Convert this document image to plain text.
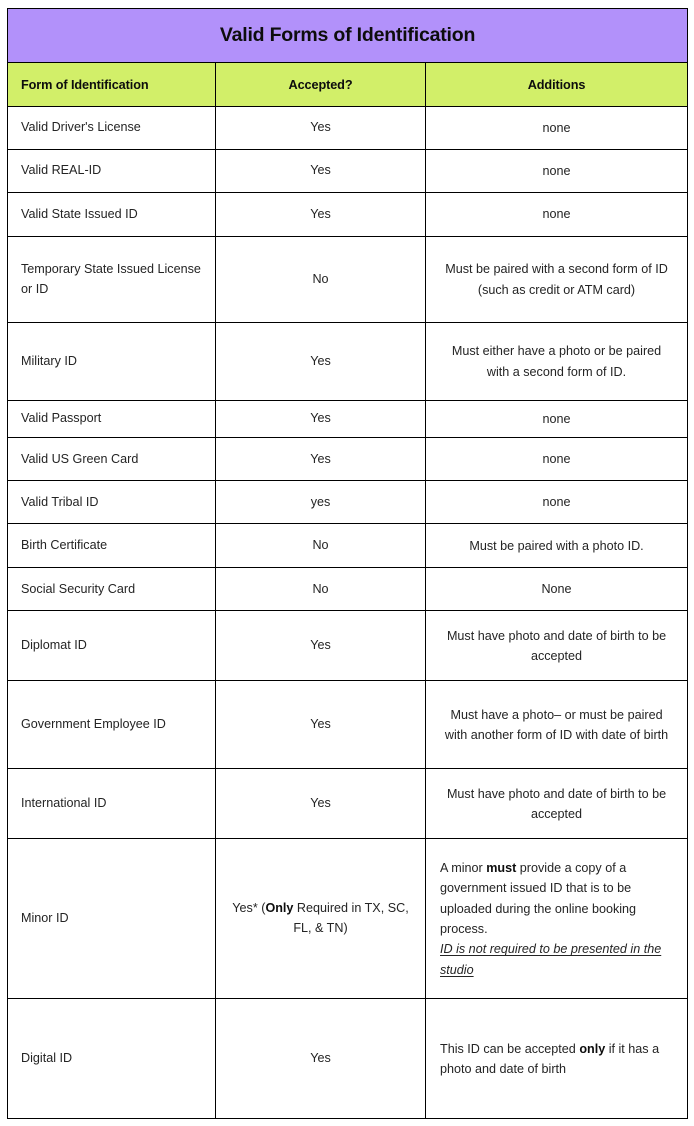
Valid Forms of Identification		
Form of Identification	Accepted?	Additions
Valid Driver's License	Yes	none
Valid REAL-ID	Yes	none
Valid State Issued ID	Yes	none
Temporary State Issued License or ID	No	Must be paired with a second form of ID (such as credit or ATM card)
Military ID	Yes	Must either have a photo or be paired with a second form of ID.
Valid Passport	Yes	none
Valid US Green Card	Yes	none
Valid Tribal ID	yes	none
Birth Certificate	No	Must be paired with a photo ID.
Social Security Card	No	None
Diplomat ID	Yes	Must have photo and date of birth to be accepted
Government Employee ID	Yes	Must have a photo– or must be paired with another form of ID with date of birth
International ID	Yes	Must have photo and date of birth to be accepted
Minor ID	Yes* (Only Required in TX, SC, FL, & TN)	A minor must provide a copy of a government issued ID that is to be uploaded during the online booking process.
ID is not required to be presented in the studio

Digital ID	Yes	This ID can be accepted only if it has a photo and date of birth
